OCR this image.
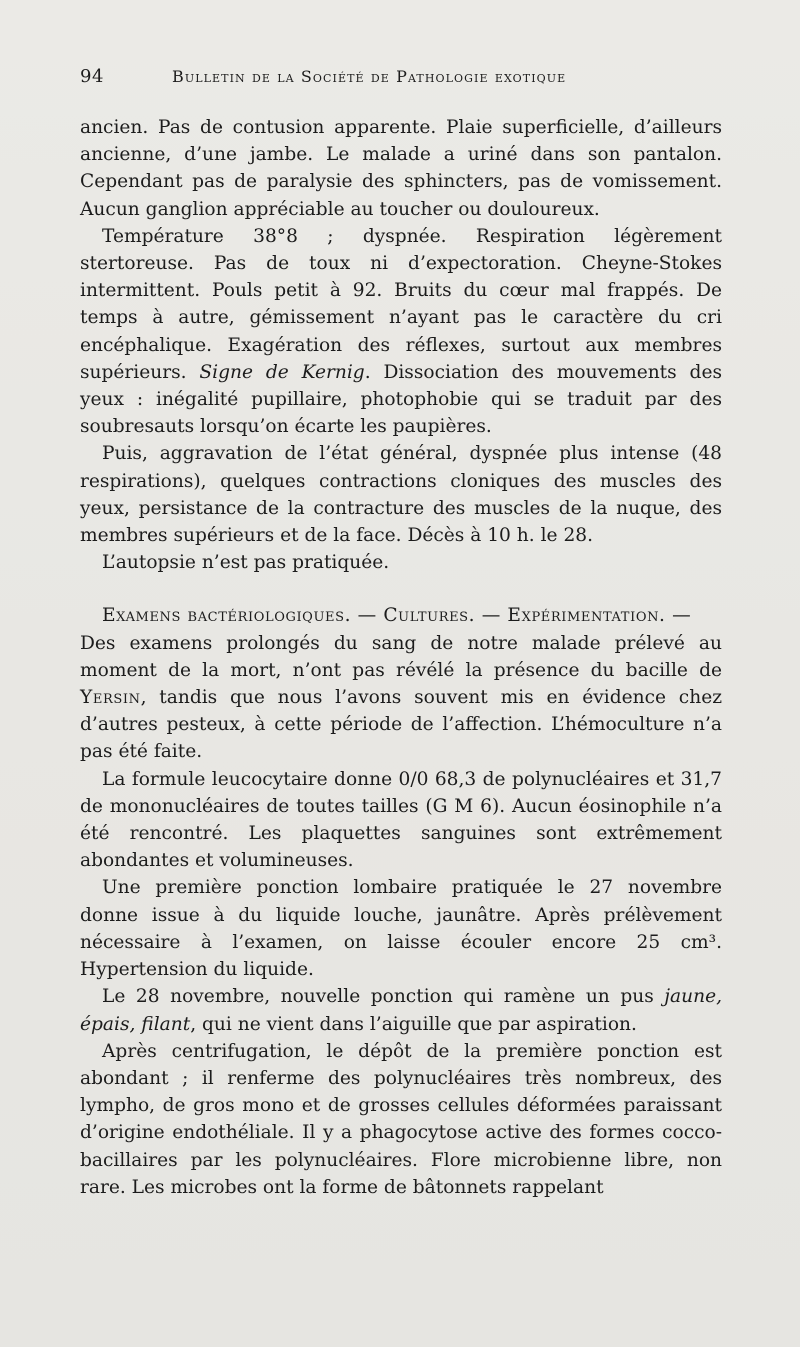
94	Bulletin de la Société de Pathologie exotique

ancien. Pas de contusion apparente. Plaie superficielle, d’ailleurs ancienne, d’une jambe. Le malade a uriné dans son pantalon. Cependant pas de paralysie des sphincters, pas de vomissement. Aucun ganglion appréciable au toucher ou douloureux.

Température 38°8 ; dyspnée. Respiration légèrement stertoreuse. Pas de toux ni d’expectoration. Cheyne-Stokes intermittent. Pouls petit à 92. Bruits du cœur mal frappés. De temps à autre, gémissement n’ayant pas le caractère du cri encéphalique. Exagération des réflexes, surtout aux membres supérieurs. Signe de Kernig. Dissociation des mouvements des yeux : inégalité pupillaire, photophobie qui se traduit par des soubresauts lorsqu’on écarte les paupières.

Puis, aggravation de l’état général, dyspnée plus intense (48 respirations), quelques contractions cloniques des muscles des yeux, persistance de la contracture des muscles de la nuque, des membres supérieurs et de la face. Décès à 10 h. le 28.

L’autopsie n’est pas pratiquée.

Examens bactériologiques. — Cultures. — Expérimentation. —

Des examens prolongés du sang de notre malade prélevé au moment de la mort, n’ont pas révélé la présence du bacille de Yersin, tandis que nous l’avons souvent mis en évidence chez d’autres pesteux, à cette période de l’affection. L’hémoculture n’a pas été faite.

La formule leucocytaire donne 0/0 68,3 de polynucléaires et 31,7 de mononucléaires de toutes tailles (G M 6). Aucun éosinophile n’a été rencontré. Les plaquettes sanguines sont extrêmement abondantes et volumineuses.

Une première ponction lombaire pratiquée le 27 novembre donne issue à du liquide louche, jaunâtre. Après prélèvement nécessaire à l’examen, on laisse écouler encore 25 cm³. Hypertension du liquide.

Le 28 novembre, nouvelle ponction qui ramène un pus jaune, épais, filant, qui ne vient dans l’aiguille que par aspiration.

Après centrifugation, le dépôt de la première ponction est abondant ; il renferme des polynucléaires très nombreux, des lympho, de gros mono et de grosses cellules déformées paraissant d’origine endothéliale. Il y a phagocytose active des formes cocco-bacillaires par les polynucléaires. Flore microbienne libre, non rare. Les microbes ont la forme de bâtonnets rappelant
